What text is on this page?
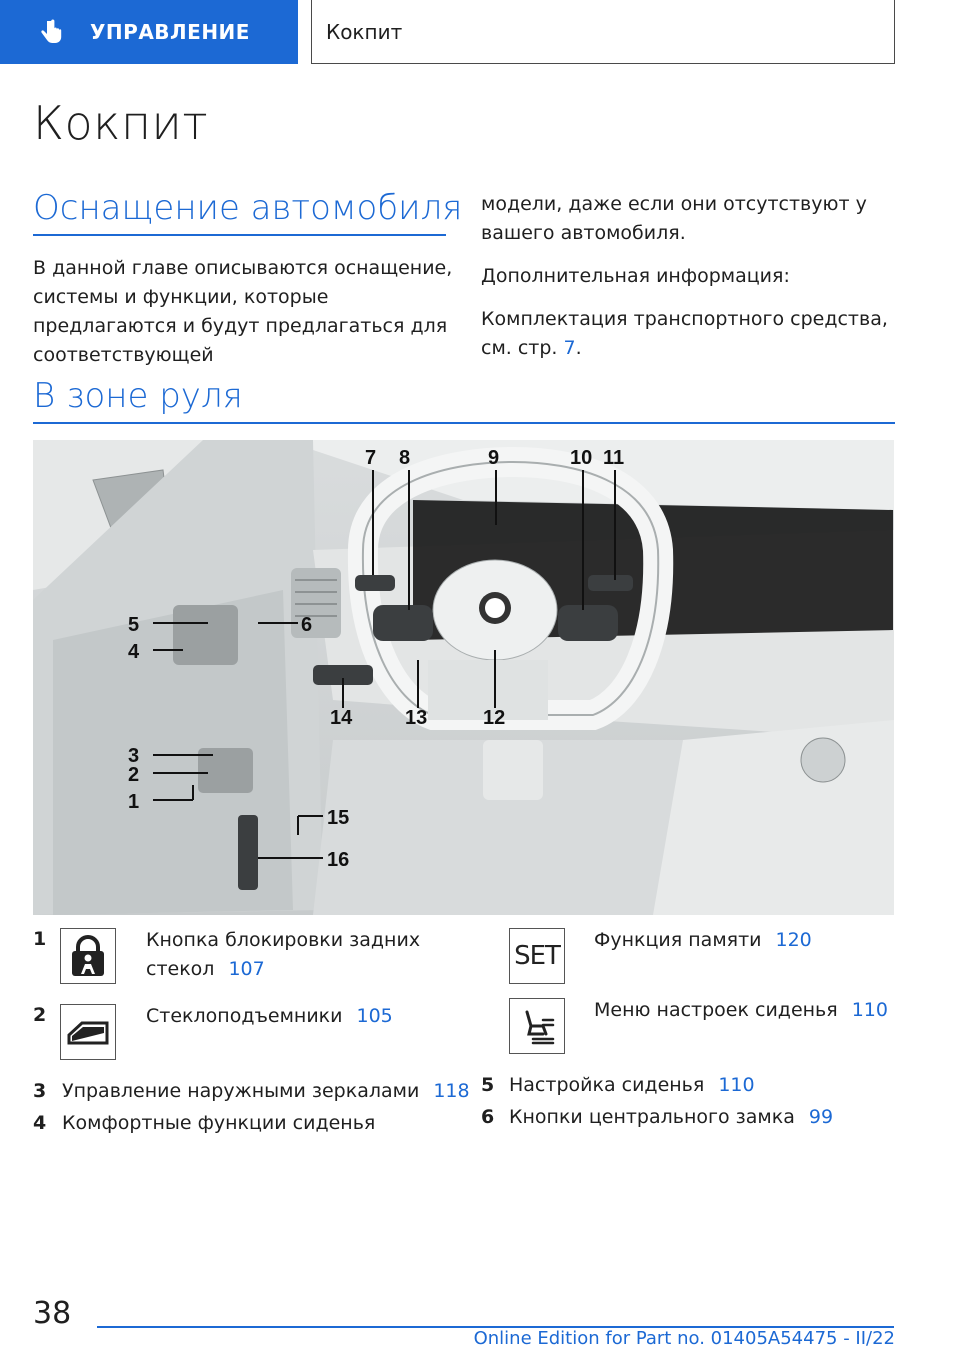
УПРАВЛЕНИЕ	Кокпит
Кокпит
Оснащение автомобиля
В данной главе описываются оснащение, системы и функции, которые предлагаются и будут предлагаться для соответствующей

модели, даже если они отсутствуют у вашего автомобиля.

Дополнительная информация:

Комплектация транспортного средства, см. стр. 7.

В зоне руля
7 8	9	10 11
5
4
6
14	13	12
3
2
1
15
16
1	Кнопка блокировки задних стекол 107
2	Стеклоподъемники 105
3 Управление наружными зеркалами 118
4 Комфортные функции сиденья
SET
Функция памяти 120
Меню настроек сиденья 110
5 Настройка сиденья 110
6 Кнопки центрального замка 99
38
Online Edition for Part no. 01405A54475 - II/22
